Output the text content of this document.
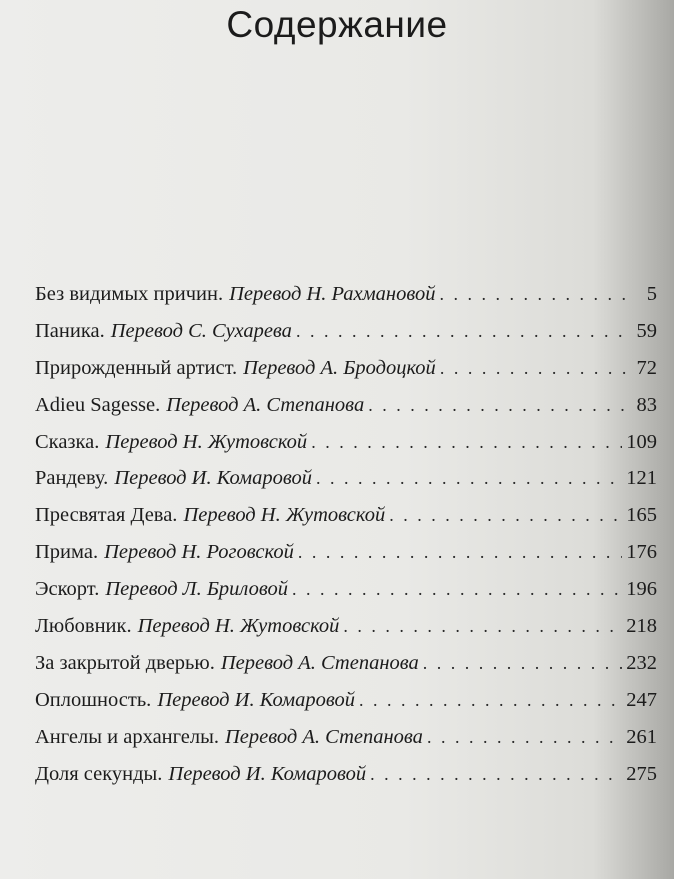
Содержание
Без видимых причин. Перевод Н. Рахмановой . . .	5
Паника. Перевод С. Сухарева . . .	59
Прирожденный артист. Перевод А. Бродоцкой . . .	72
Adieu Sagesse. Перевод А. Степанова . . .	83
Сказка. Перевод Н. Жутовской . . .	109
Рандеву. Перевод И. Комаровой . . .	121
Пресвятая Дева. Перевод Н. Жутовской . . .	165
Прима. Перевод Н. Роговской . . .	176
Эскорт. Перевод Л. Бриловой . . .	196
Любовник. Перевод Н. Жутовской . . .	218
За закрытой дверью. Перевод А. Степанова . . .	232
Оплошность. Перевод И. Комаровой . . .	247
Ангелы и архангелы. Перевод А. Степанова . . .	261
Доля секунды. Перевод И. Комаровой . . .	275
